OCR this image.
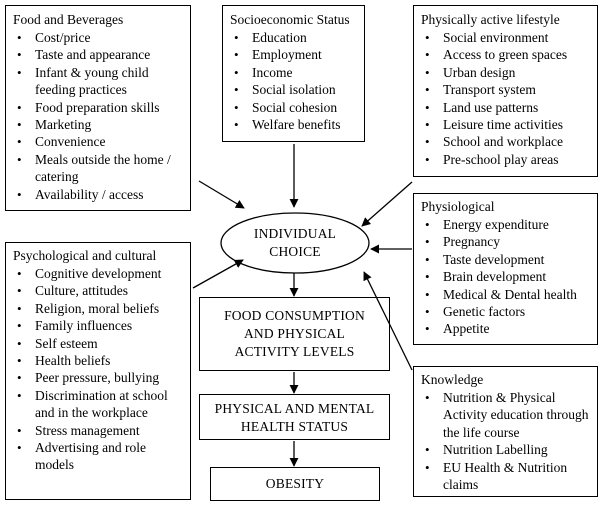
Food and Beverages
• Cost/price
• Taste and appearance
• Infant & young child feeding practices
• Food preparation skills
• Marketing
• Convenience
• Meals outside the home / catering
• Availability / access
Socioeconomic Status
• Education
• Employment
• Income
• Social isolation
• Social cohesion
• Welfare benefits
Physically active lifestyle
• Social environment
• Access to green spaces
• Urban design
• Transport system
• Land use patterns
• Leisure time activities
• School and workplace
• Pre-school play areas
Physiological
• Energy expenditure
• Pregnancy
• Taste development
• Brain development
• Medical & Dental health
• Genetic factors
• Appetite
Psychological and cultural
• Cognitive development
• Culture, attitudes
• Religion, moral beliefs
• Family influences
• Self esteem
• Health beliefs
• Peer pressure, bullying
• Discrimination at school and in the workplace
• Stress management
• Advertising and role models
Knowledge
• Nutrition & Physical Activity education through the life course
• Nutrition Labelling
• EU Health & Nutrition claims
FOOD CONSUMPTION
AND PHYSICAL
ACTIVITY LEVELS
PHYSICAL AND MENTAL
HEALTH STATUS
OBESITY
INDIVIDUAL
CHOICE
